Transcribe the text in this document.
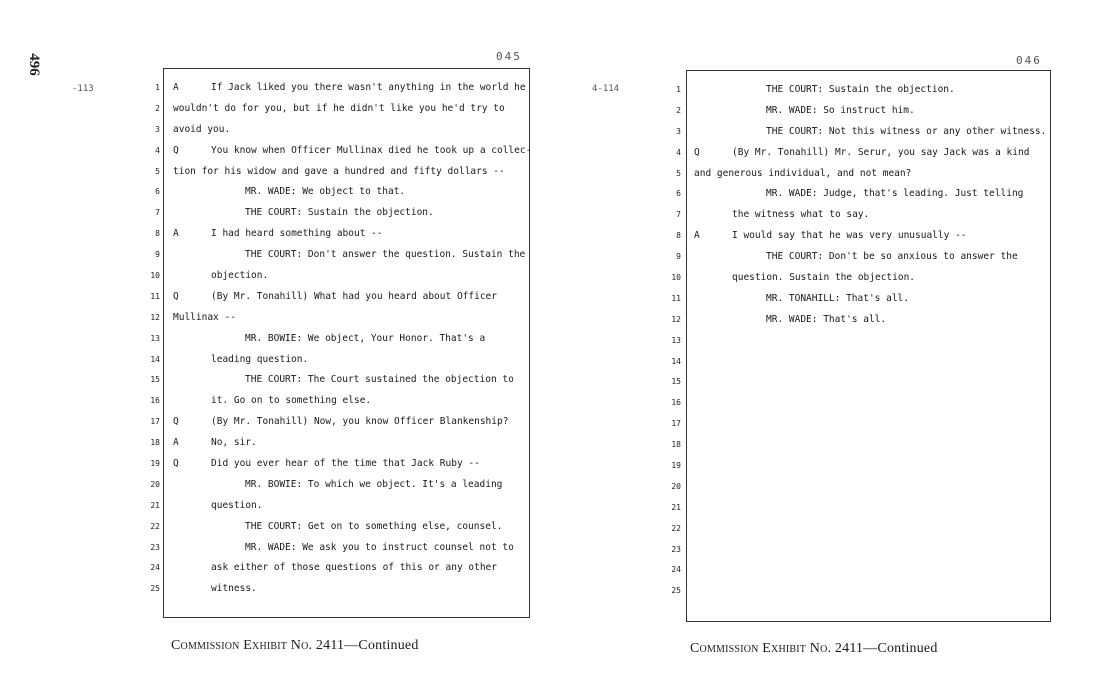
496
-113
045
1
2
3
4
5
6
7
8
9
10
11
12
13
14
15
16
17
18
19
20
21
22
23
24
25
A	If Jack liked you there wasn't anything in the world he
wouldn't do for you, but if he didn't like you he'd try to
avoid you.
Q	You know when Officer Mullinax died he took up a collec-
tion for his widow and gave a hundred and fifty dollars --
MR. WADE: We object to that.
THE COURT: Sustain the objection.
A	I had heard something about --
THE COURT: Don't answer the question. Sustain the
objection.
Q	(By Mr. Tonahill) What had you heard about Officer
Mullinax --
MR. BOWIE: We object, Your Honor. That's a
leading question.
THE COURT: The Court sustained the objection to
it. Go on to something else.
Q	(By Mr. Tonahill) Now, you know Officer Blankenship?
A	No, sir.
Q	Did you ever hear of the time that Jack Ruby --
MR. BOWIE: To which we object. It's a leading
question.
THE COURT: Get on to something else, counsel.
MR. WADE: We ask you to instruct counsel not to
ask either of those questions of this or any other
witness.
Commission Exhibit No. 2411—Continued
4-114
046
1
2
3
4
5
6
7
8
9
10
11
12
13
14
15
16
17
18
19
20
21
22
23
24
25
THE COURT: Sustain the objection.
MR. WADE: So instruct him.
THE COURT: Not this witness or any other witness.
Q	(By Mr. Tonahill) Mr. Serur, you say Jack was a kind
and generous individual, and not mean?
MR. WADE: Judge, that's leading. Just telling
the witness what to say.
A	I would say that he was very unusually --
THE COURT: Don't be so anxious to answer the
question. Sustain the objection.
MR. TONAHILL: That's all.
MR. WADE: That's all.
Commission Exhibit No. 2411—Continued
